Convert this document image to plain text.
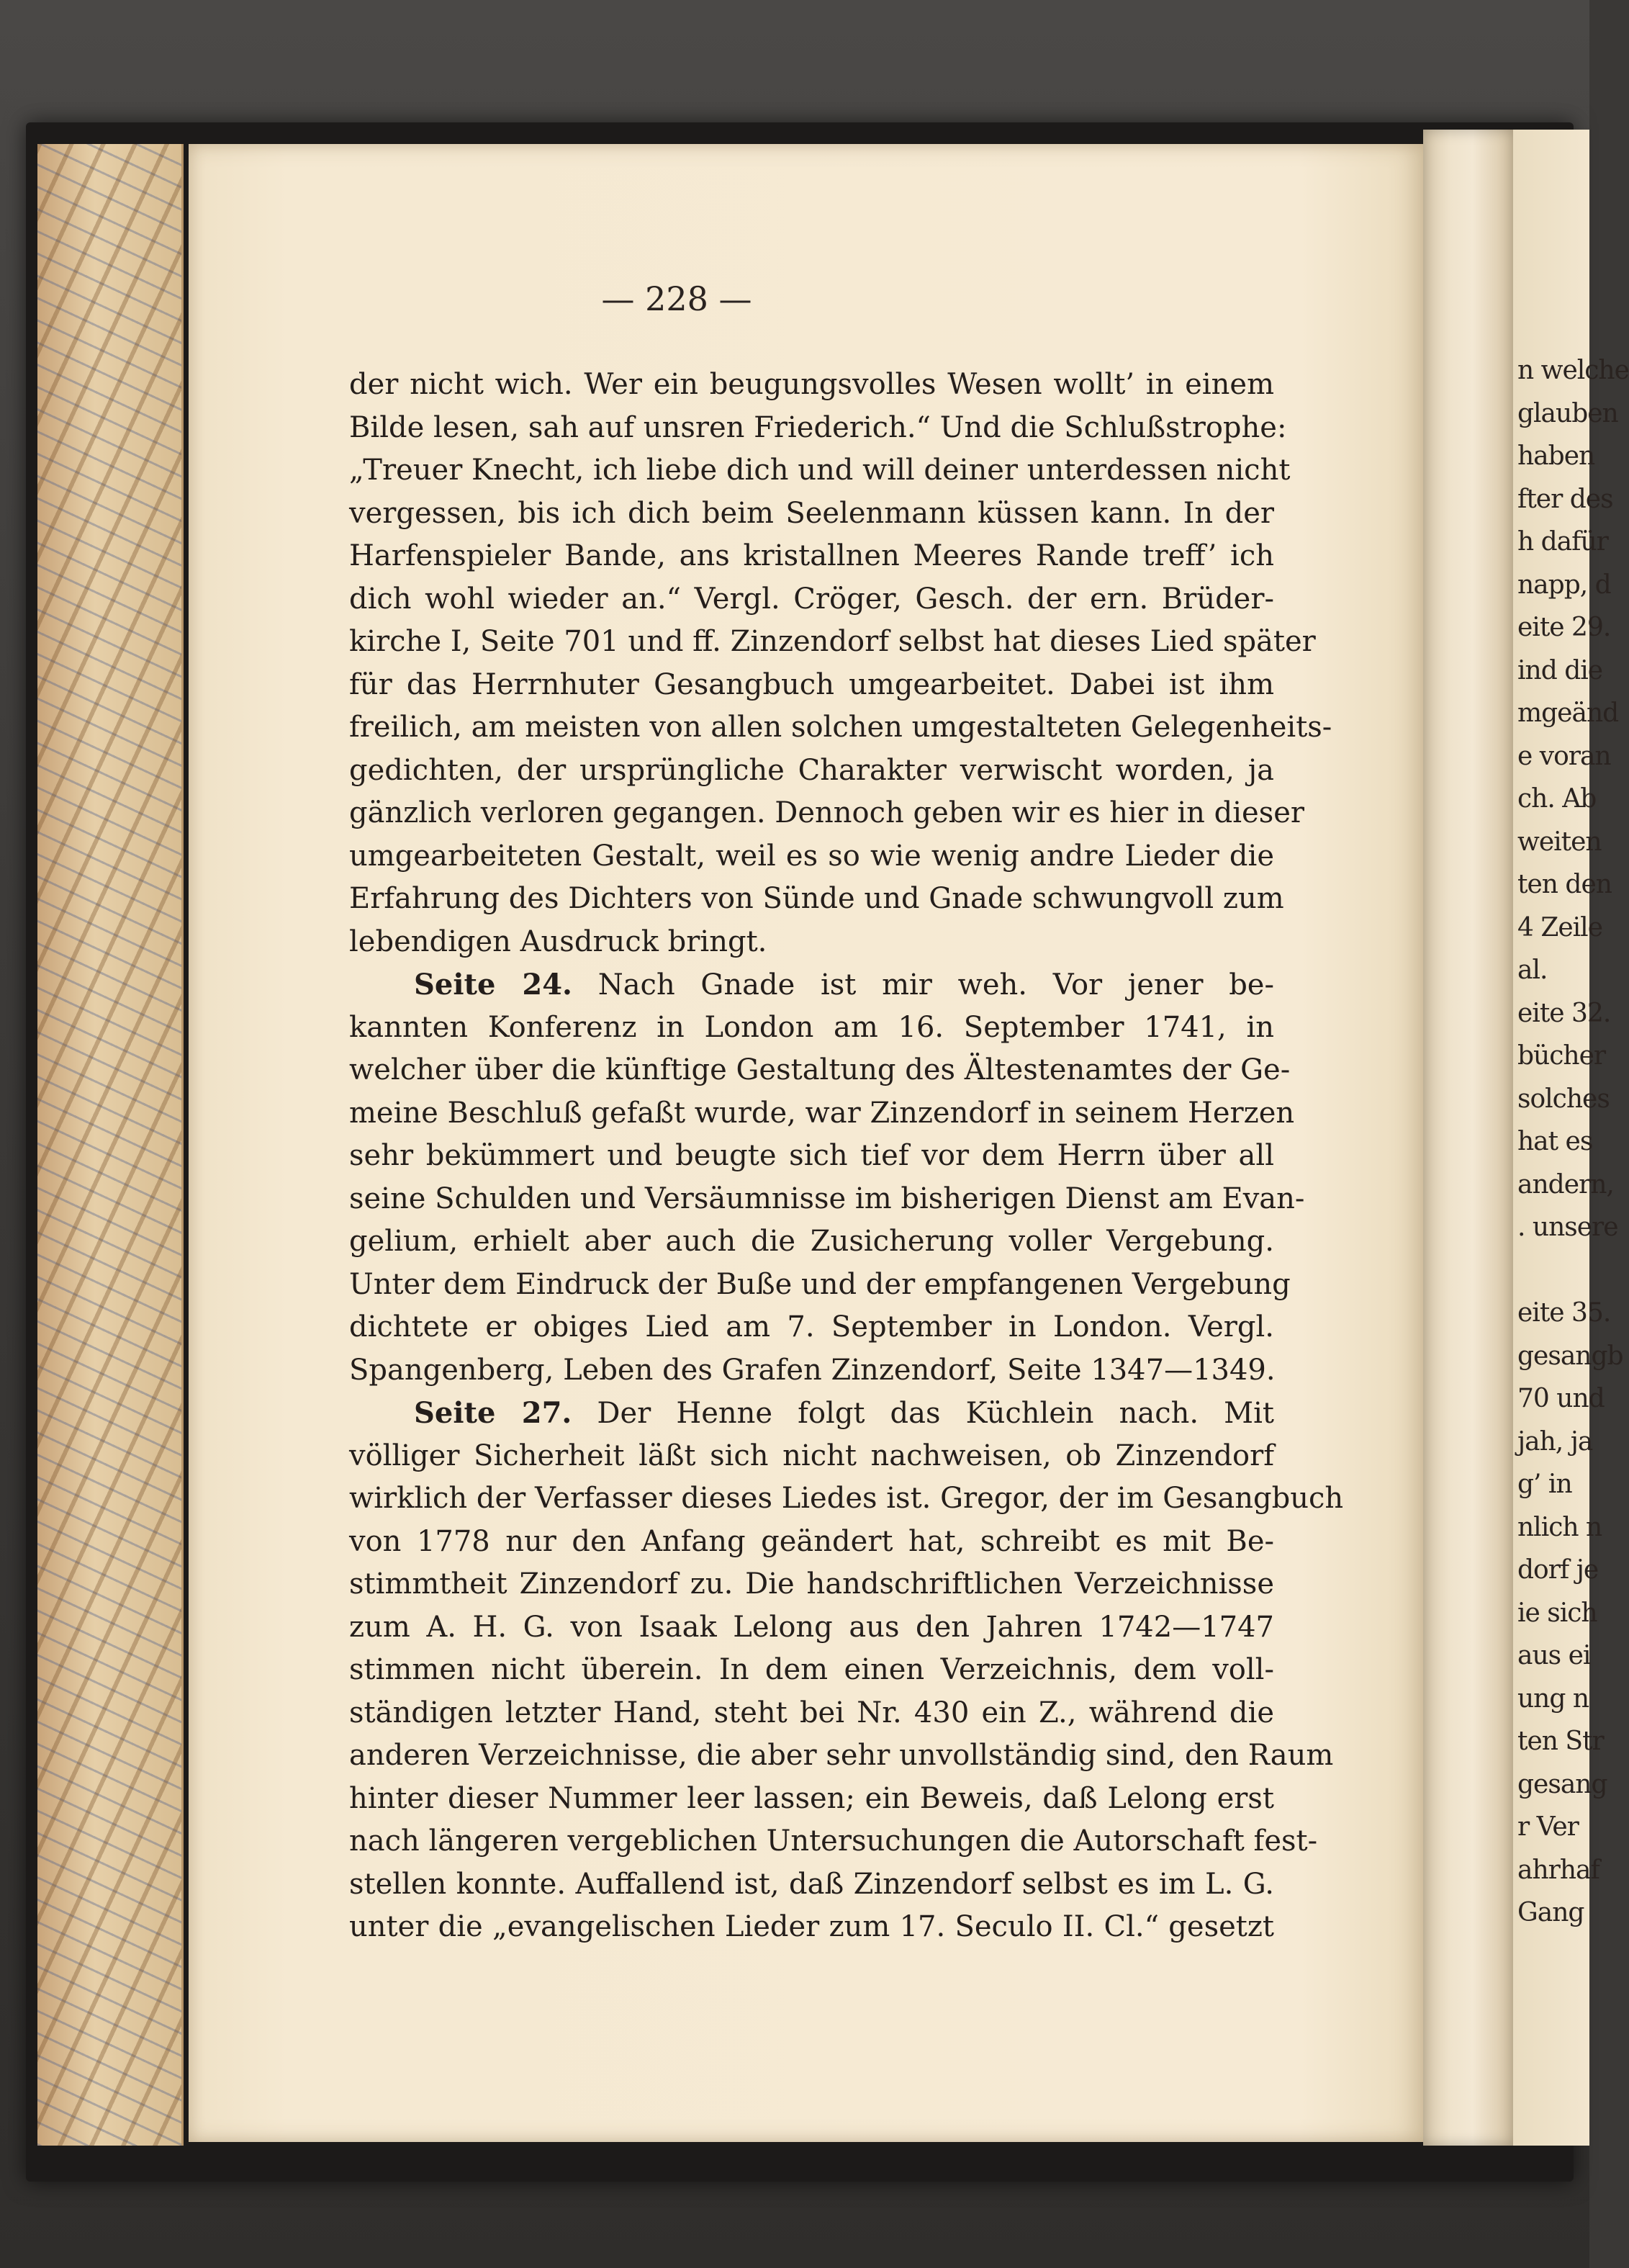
n welche
glauben
haben
fter des
h dafür
napp, d
eite 29.
ind die
mgeänd
e voran
ch. Ab
weiten
ten den
4 Zeile
al.
eite 32.
bücher
solches
hat es
andern,
. unsere
eite 35.
gesangb
70 und
jah, ja
g’ in
nlich n
dorf je
ie sich
aus ei
ung n
ten Str
gesang
r Ver
ahrhaf
Gang
— 228 —
der nicht wich. Wer ein beugungsvolles Wesen wollt’ in einem
Bilde lesen, sah auf unsren Friederich.“ Und die Schlußstrophe:
„Treuer Knecht, ich liebe dich und will deiner unterdessen nicht
vergessen, bis ich dich beim Seelenmann küssen kann. In der
Harfenspieler Bande, ans kristallnen Meeres Rande treff’ ich
dich wohl wieder an.“ Vergl. Cröger, Gesch. der ern. Brüder-
kirche I, Seite 701 und ff. Zinzendorf selbst hat dieses Lied später
für das Herrnhuter Gesangbuch umgearbeitet. Dabei ist ihm
freilich, am meisten von allen solchen umgestalteten Gelegenheits-
gedichten, der ursprüngliche Charakter verwischt worden, ja
gänzlich verloren gegangen. Dennoch geben wir es hier in dieser
umgearbeiteten Gestalt, weil es so wie wenig andre Lieder die
Erfahrung des Dichters von Sünde und Gnade schwungvoll zum
lebendigen Ausdruck bringt.
Seite 24. Nach Gnade ist mir weh. Vor jener be-
kannten Konferenz in London am 16. September 1741, in
welcher über die künftige Gestaltung des Ältestenamtes der Ge-
meine Beschluß gefaßt wurde, war Zinzendorf in seinem Herzen
sehr bekümmert und beugte sich tief vor dem Herrn über all
seine Schulden und Versäumnisse im bisherigen Dienst am Evan-
gelium, erhielt aber auch die Zusicherung voller Vergebung.
Unter dem Eindruck der Buße und der empfangenen Vergebung
dichtete er obiges Lied am 7. September in London. Vergl.
Spangenberg, Leben des Grafen Zinzendorf, Seite 1347—1349.
Seite 27. Der Henne folgt das Küchlein nach. Mit
völliger Sicherheit läßt sich nicht nachweisen, ob Zinzendorf
wirklich der Verfasser dieses Liedes ist. Gregor, der im Gesangbuch
von 1778 nur den Anfang geändert hat, schreibt es mit Be-
stimmtheit Zinzendorf zu. Die handschriftlichen Verzeichnisse
zum A. H. G. von Isaak Lelong aus den Jahren 1742—1747
stimmen nicht überein. In dem einen Verzeichnis, dem voll-
ständigen letzter Hand, steht bei Nr. 430 ein Z., während die
anderen Verzeichnisse, die aber sehr unvollständig sind, den Raum
hinter dieser Nummer leer lassen; ein Beweis, daß Lelong erst
nach längeren vergeblichen Untersuchungen die Autorschaft fest-
stellen konnte. Auffallend ist, daß Zinzendorf selbst es im L. G.
unter die „evangelischen Lieder zum 17. Seculo II. Cl.“ gesetzt
